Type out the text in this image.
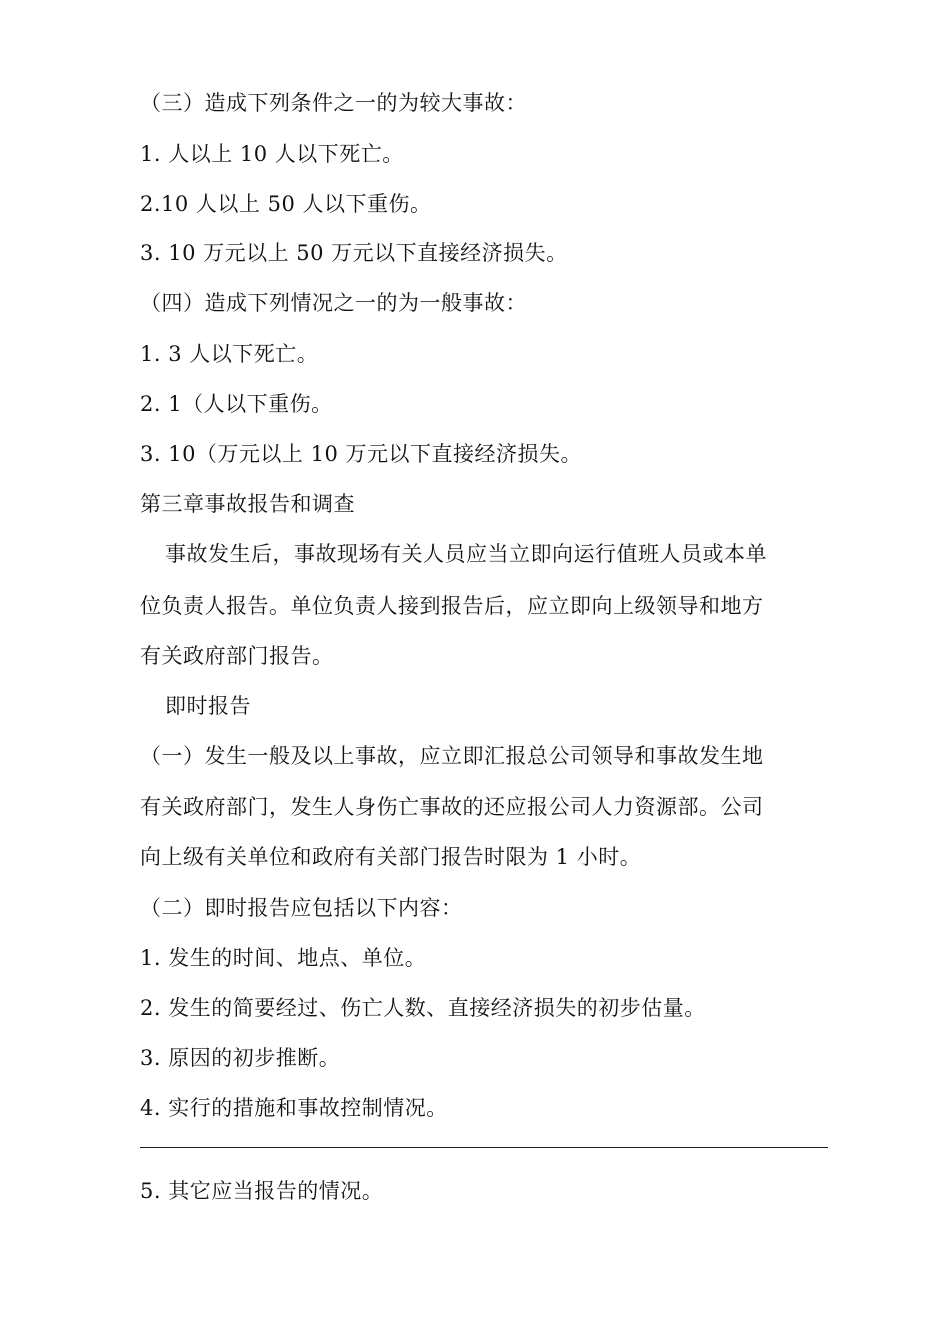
（三）造成下列条件之一的为较大事故：
1. 人以上 10 人以下死亡。
2.10 人以上 50 人以下重伤。
3. 10 万元以上 50 万元以下直接经济损失。
（四）造成下列情况之一的为一般事故：
1. 3 人以下死亡。
2. 1（人以下重伤。
3. 10（万元以上 10 万元以下直接经济损失。
第三章事故报告和调查
事故发生后，事故现场有关人员应当立即向运行值班人员或本单
位负责人报告。单位负责人接到报告后，应立即向上级领导和地方
有关政府部门报告。
即时报告
（一）发生一般及以上事故，应立即汇报总公司领导和事故发生地
有关政府部门，发生人身伤亡事故的还应报公司人力资源部。公司
向上级有关单位和政府有关部门报告时限为 1 小时。
（二）即时报告应包括以下内容：
1. 发生的时间、地点、单位。
2. 发生的简要经过、伤亡人数、直接经济损失的初步估量。
3. 原因的初步推断。
4. 实行的措施和事故控制情况。
5. 其它应当报告的情况。
